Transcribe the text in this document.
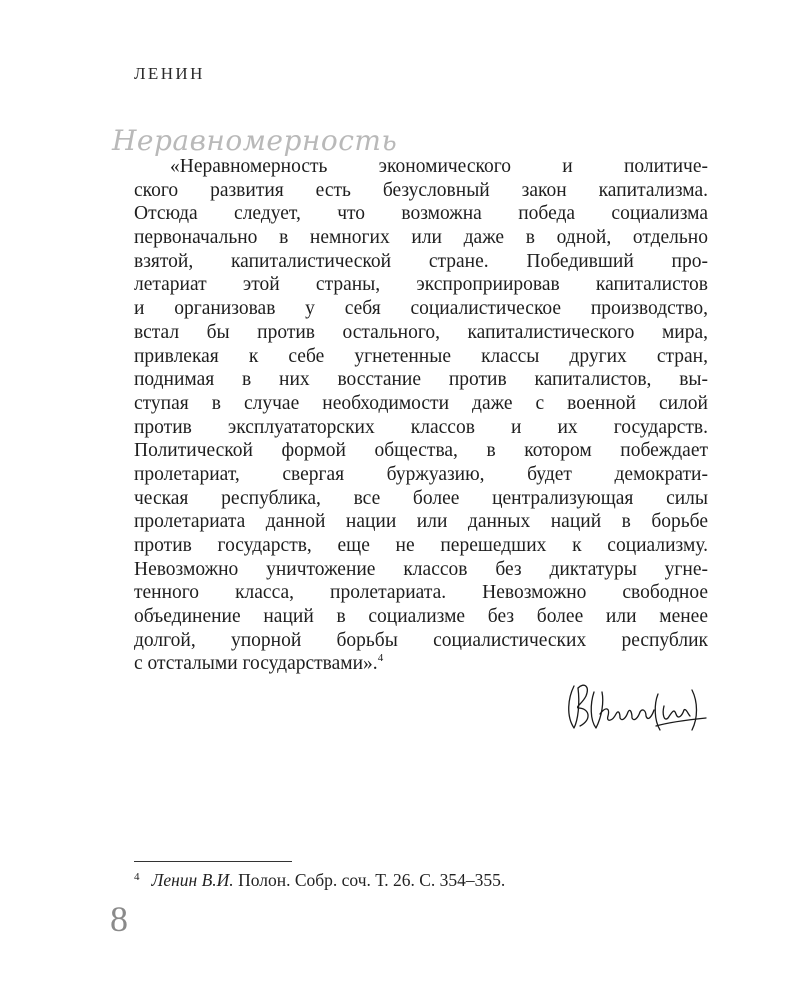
ЛЕНИН
Неравномерность
«Неравномерность экономического и политиче-
ского развития есть безусловный закон капитализма.
Отсюда следует, что возможна победа социализма
первоначально в немногих или даже в одной, отдельно
взятой, капиталистической стране. Победивший про-
летариат этой страны, экспроприировав капиталистов
и организовав у себя социалистическое производство,
встал бы против остального, капиталистического мира,
привлекая к себе угнетенные классы других стран,
поднимая в них восстание против капиталистов, вы-
ступая в случае необходимости даже с военной силой
против эксплуататорских классов и их государств.
Политической формой общества, в котором побеждает
пролетариат, свергая буржуазию, будет демократи-
ческая республика, все более централизующая силы
пролетариата данной нации или данных наций в борьбе
против государств, еще не перешедших к социализму.
Невозможно уничтожение классов без диктатуры угне-
тенного класса, пролетариата. Невозможно свободное
объединение наций в социализме без более или менее
долгой, упорной борьбы социалистических республик
с отсталыми государствами».$^4$
$^4$ Ленин В.И. Полон. Собр. соч. Т. 26. С. 354–355.
8
